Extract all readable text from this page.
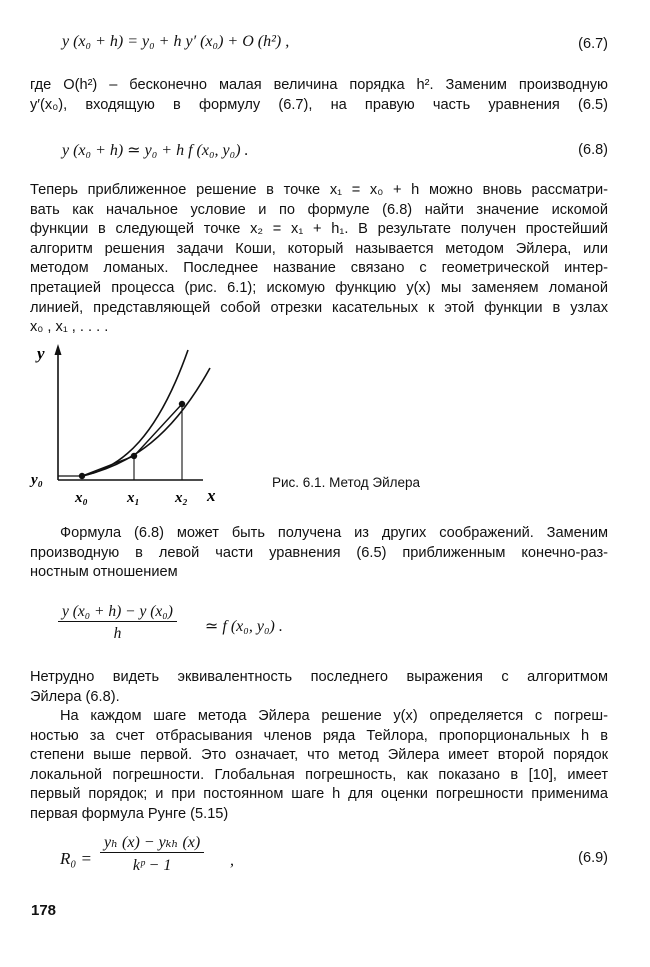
y (x₀ + h) = y₀ + h y′ (x₀) + O (h²) ,	(6.7)
где O(h²) – бесконечно малая величина порядка h². Заменим производную
y′(x₀), входящую в формулу (6.7), на правую часть уравнения (6.5)
y (x₀ + h) ≃ y₀ + h f (x₀, y₀) .	(6.8)
Теперь приближенное решение в точке x₁ = x₀ + h можно вновь рассматри-
вать как начальное условие и по формуле (6.8) найти значение искомой
функции в следующей точке x₂ = x₁ + h₁. В результате получен простейший
алгоритм решения задачи Коши, который называется методом Эйлера, или
методом ломаных. Последнее название связано с геометрической интер-
претацией процесса (рис. 6.1); искомую функцию y(x) мы заменяем ломаной
линией, представляющей собой отрезки касательных к этой функции в узлах
x₀ , x₁ , . . . .
y
y₀
x₀	x₁ x₂ x
Рис. 6.1. Метод Эйлера
Формула (6.8) может быть получена из других соображений. Заменим
производную в левой части уравнения (6.5) приближенным конечно-раз-
ностным отношением
$\frac{\text{y (x₀ + h) − y (x₀)}}{h}$ ≃ f (x₀, y₀) .
Нетрудно видеть эквивалентность последнего выражения с алгоритмом
Эйлера (6.8).
На каждом шаге метода Эйлера решение y(x) определяется с погреш-
ностью за счет отбрасывания членов ряда Тейлора, пропорциональных h в
степени выше первой. Это означает, что метод Эйлера имеет второй порядок
локальной погрешности. Глобальная погрешность, как показано в [10], имеет
первый порядок; и при постоянном шаге h для оценки погрешности применима
первая формула Рунге (5.15)
R₀ =
yₕ (x) − yₖₕ (x)
kᵖ − 1	,	(6.9)
178
